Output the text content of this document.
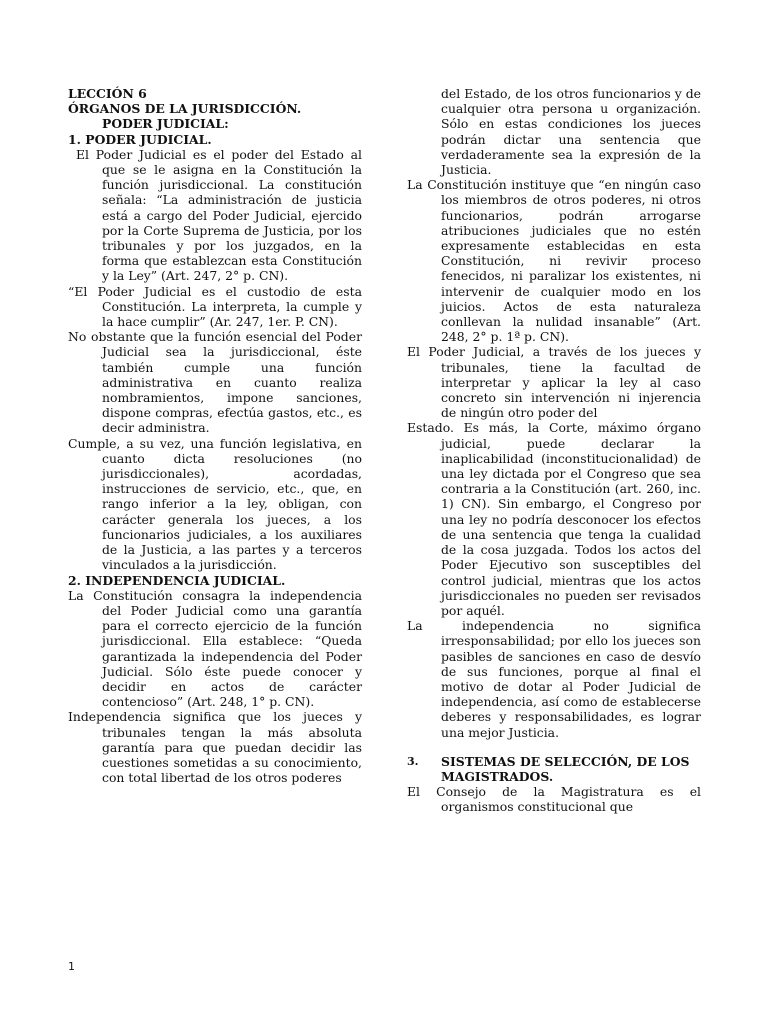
LECCIÓN 6
ÓRGANOS DE LA JURISDICCIÓN.
PODER JUDICIAL:
1. PODER JUDICIAL.

El Poder Judicial es el poder del Estado al que se le asigna en la Constitución la función jurisdiccional. La constitución señala: “La administración de justicia está a cargo del Poder Judicial, ejercido por la Corte Suprema de Justicia, por los tribunales y por los juzgados, en la forma que establezcan esta Constitución y la Ley” (Art. 247, 2° p. CN).

“El Poder Judicial es el custodio de esta Constitución. La interpreta, la cumple y la hace cumplir” (Ar. 247, 1er. P. CN).

No obstante que la función esencial del Poder Judicial sea la jurisdiccional, éste también cumple una función administrativa en cuanto realiza nombramientos, impone sanciones, dispone compras, efectúa gastos, etc., es decir administra.

Cumple, a su vez, una función legislativa, en cuanto dicta resoluciones (no jurisdiccionales), acordadas, instrucciones de servicio, etc., que, en rango inferior a la ley, obligan, con carácter generala los jueces, a los funcionarios judiciales, a los auxiliares de la Justicia, a las partes y a terceros vinculados a la jurisdicción.

2. INDEPENDENCIA JUDICIAL.

La Constitución consagra la independencia del Poder Judicial como una garantía para el correcto ejercicio de la función jurisdiccional. Ella establece: “Queda garantizada la independencia del Poder Judicial. Sólo éste puede conocer y decidir en actos de carácter contencioso” (Art. 248, 1° p. CN).

Independencia significa que los jueces y tribunales tengan la más absoluta garantía para que puedan decidir las cuestiones sometidas a su conocimiento, con total libertad de los otros poderes

del Estado, de los otros funcionarios y de cualquier otra persona u organización. Sólo en estas condiciones los jueces podrán dictar una sentencia que verdaderamente sea la expresión de la Justicia.

La Constitución instituye que “en ningún caso los miembros de otros poderes, ni otros funcionarios, podrán arrogarse atribuciones judiciales que no estén expresamente establecidas en esta Constitución, ni revivir proceso fenecidos, ni paralizar los existentes, ni intervenir de cualquier modo en los juicios. Actos de esta naturaleza conllevan la nulidad insanable” (Art. 248, 2° p. 1ª p. CN).

El Poder Judicial, a través de los jueces y tribunales, tiene la facultad de interpretar y aplicar la ley al caso concreto sin intervención ni injerencia de ningún otro poder del

Estado. Es más, la Corte, máximo órgano judicial, puede declarar la inaplicabilidad (inconstitucionalidad) de una ley dictada por el Congreso que sea contraria a la Constitución (art. 260, inc. 1) CN). Sin embargo, el Congreso por una ley no podría desconocer los efectos de una sentencia que tenga la cualidad de la cosa juzgada. Todos los actos del Poder Ejecutivo son susceptibles del control judicial, mientras que los actos jurisdiccionales no pueden ser revisados por aquél.

La independencia no significa irresponsabilidad; por ello los jueces son pasibles de sanciones en caso de desvío de sus funciones, porque al final el motivo de dotar al Poder Judicial de independencia, así como de establecerse deberes y responsabilidades, es lograr una mejor Justicia.

3.	SISTEMAS DE SELECCIÓN, DE LOS MAGISTRADOS.

El Consejo de la Magistratura es el organismos constitucional que

1
